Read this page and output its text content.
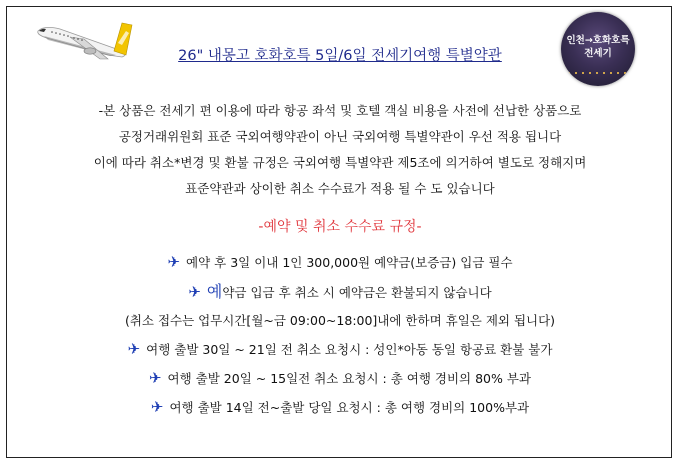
인천→호화호특
전세기
26" 내몽고 호화호특 5일/6일 전세기여행 특별약관
-본 상품은 전세기 편 이용에 따라 항공 좌석 및 호텔 객실 비용을 사전에 선납한 상품으로
공정거래위원회 표준 국외여행약관이 아닌 국외여행 특별약관이 우선 적용 됩니다
이에 따라 취소*변경 및 환불 규정은 국외여행 특별약관 제5조에 의거하여 별도로 정해지며
표준약관과 상이한 취소 수수료가 적용 될 수 도 있습니다
-예약 및 취소 수수료 규정-
✈ 예약 후 3일 이내 1인 300,000원 예약금(보증금) 입금 필수
✈ 예약금 입금 후 취소 시 예약금은 환불되지 않습니다
(취소 접수는 업무시간[월~금 09:00~18:00]내에 한하며 휴일은 제외 됩니다)
✈ 여행 출발 30일 ~ 21일 전 취소 요청시 : 성인*아동 동일 항공료 환불 불가
✈ 여행 출발 20일 ~ 15일전 취소 요청시 : 총 여행 경비의 80% 부과
✈ 여행 출발 14일 전~출발 당일 요청시 : 총 여행 경비의 100%부과
